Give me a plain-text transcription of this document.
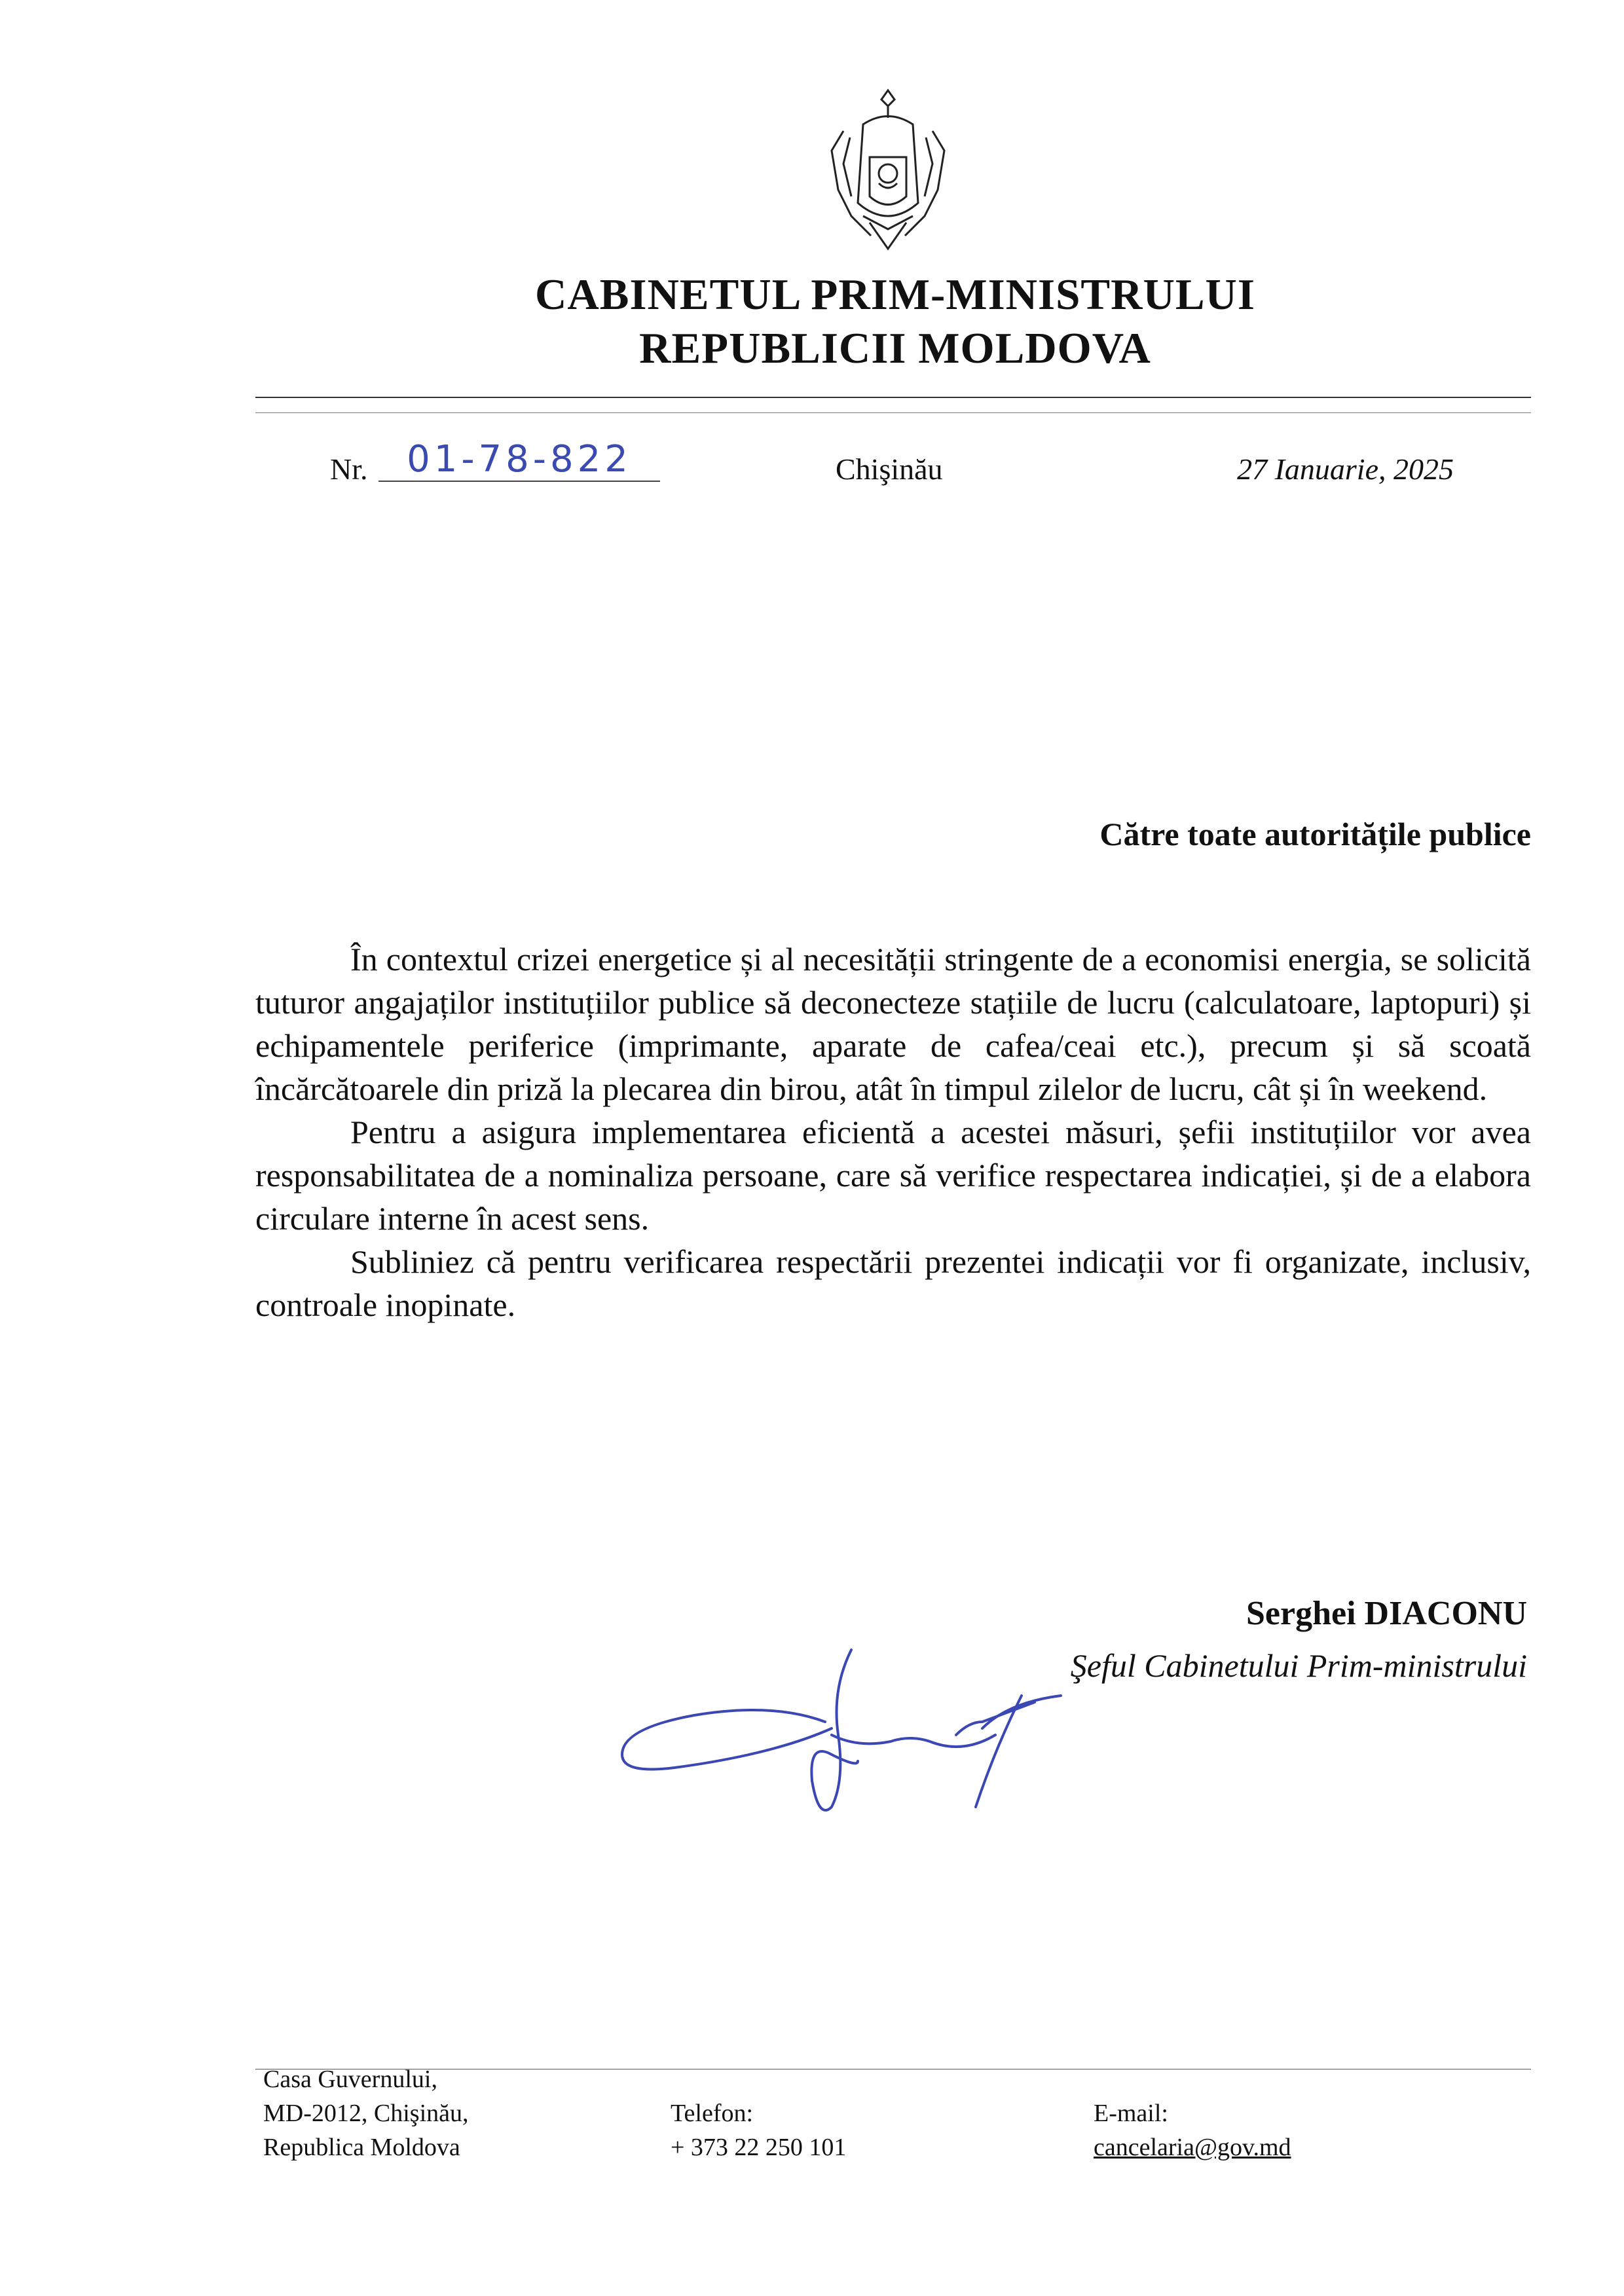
CABINETUL PRIM-MINISTRULUI
REPUBLICII MOLDOVA
Nr.	01-78-822	Chişinău	27 Ianuarie, 2025
Către toate autoritățile publice

În contextul crizei energetice și al necesității stringente de a economisi energia, se solicită tuturor angajaților instituțiilor publice să deconecteze stațiile de lucru (calculatoare, laptopuri) și echipamentele periferice (imprimante, aparate de cafea/ceai etc.), precum și să scoată încărcătoarele din priză la plecarea din birou, atât în timpul zilelor de lucru, cât și în weekend.

Pentru a asigura implementarea eficientă a acestei măsuri, șefii instituțiilor vor avea responsabilitatea de a nominaliza persoane, care să verifice respectarea indicației, și de a elabora circulare interne în acest sens.

Subliniez că pentru verificarea respectării prezentei indicații vor fi organizate, inclusiv, controale inopinate.

Serghei DIACONU
Şeful Cabinetului Prim-ministrului
Casa Guvernului,
MD-2012, Chişinău,
Republica Moldova
Telefon:
+ 373 22 250 101
E-mail:
cancelaria@gov.md
